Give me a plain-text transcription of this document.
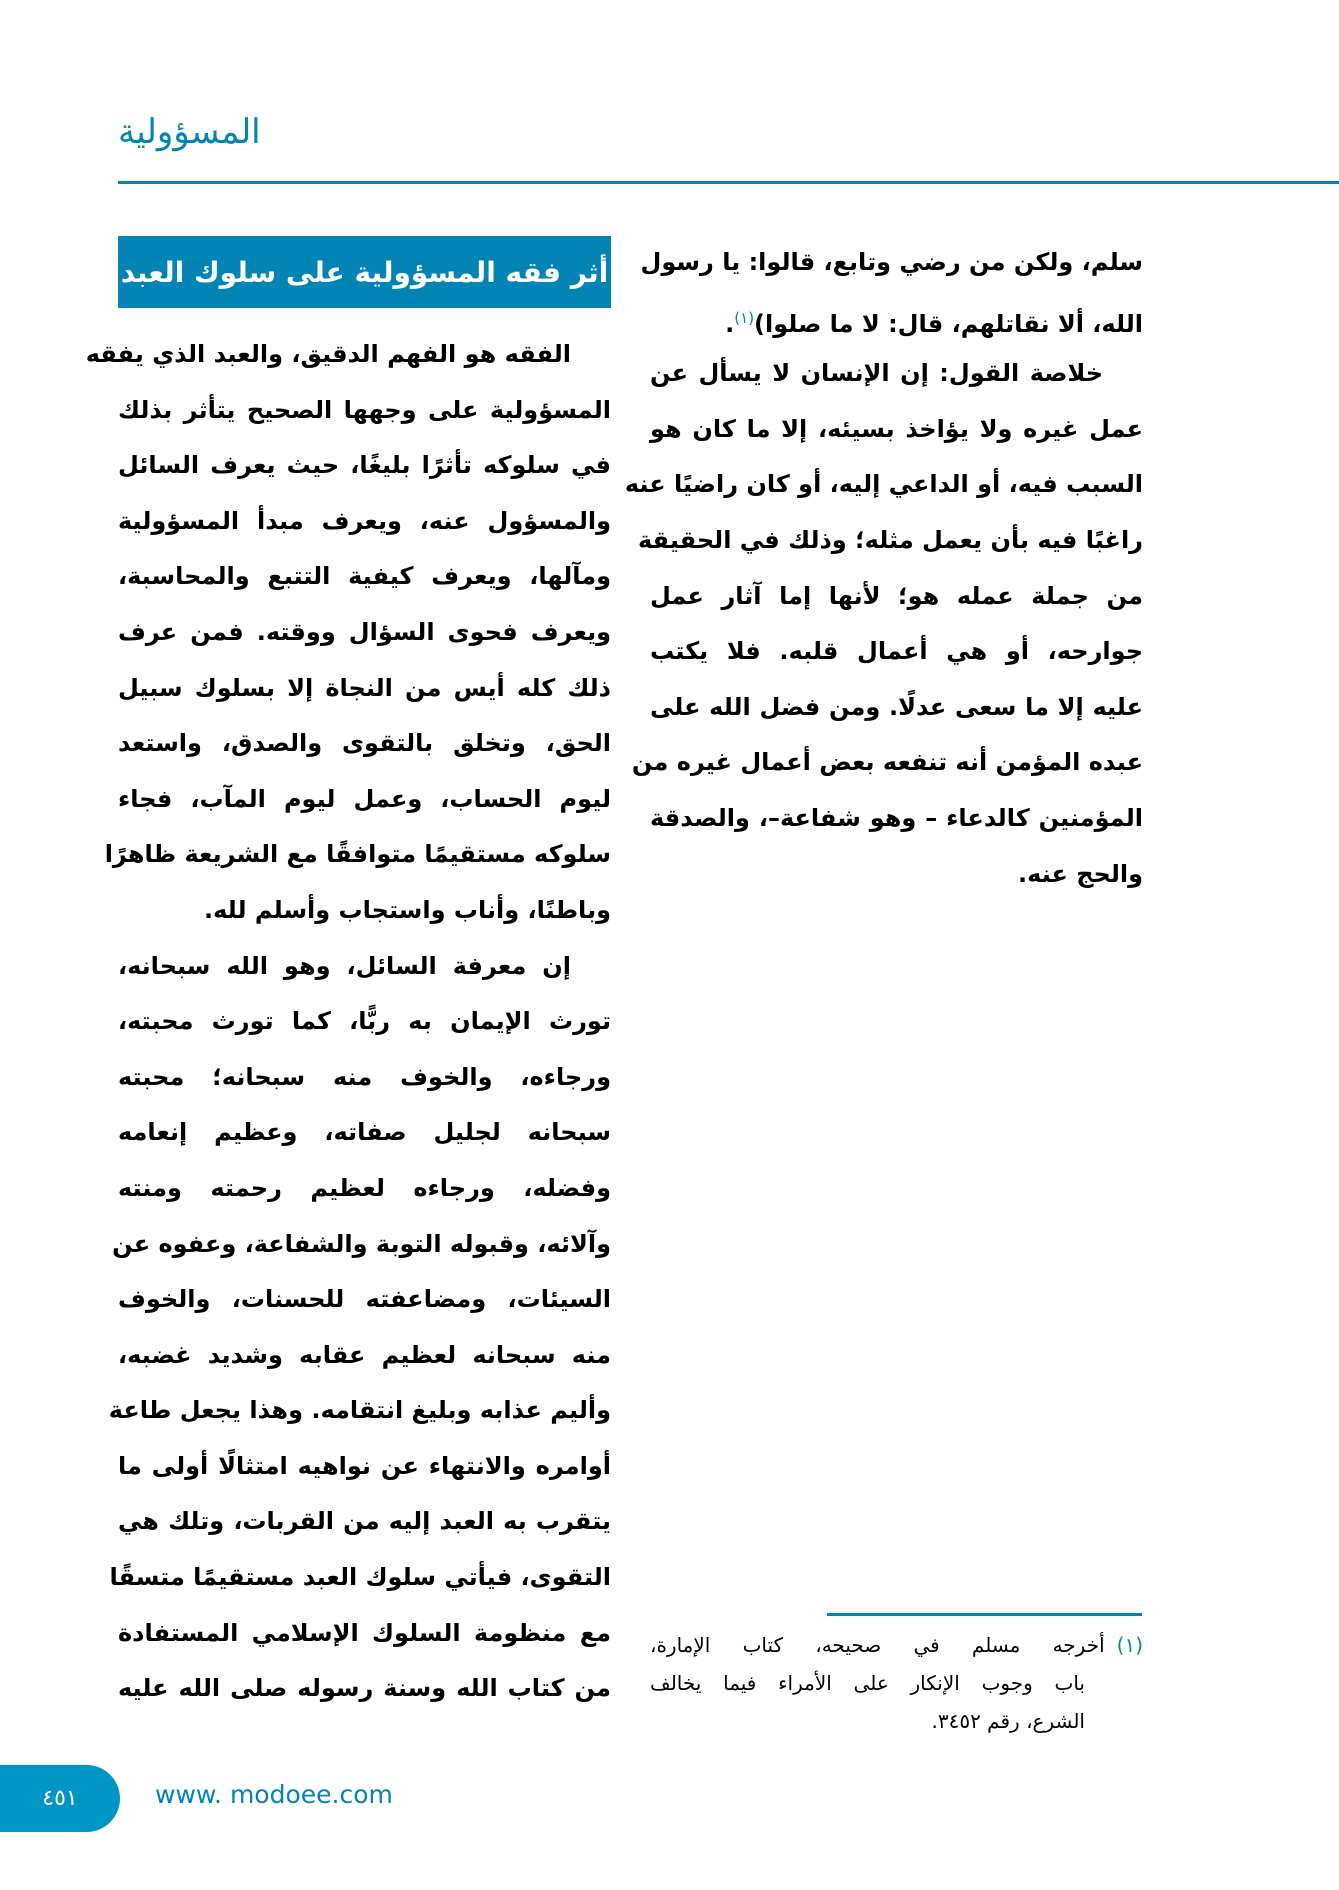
المسؤولية
أثر فقه المسؤولية على سلوك العبد سلم، ولكن من رضي وتابع، قالوا: يا رسول
الله، ألا نقاتلهم، قال: لا ما صلوا)$^{(١)}$.
خلاصة القول: إن الإنسان لا يسأل عن
عمل غيره ولا يؤاخذ بسيئه، إلا ما كان هو
السبب فيه، أو الداعي إليه، أو كان راضيًا عنه
راغبًا فيه بأن يعمل مثله؛ وذلك في الحقيقة
من جملة عمله هو؛ لأنها إما آثار عمل
جوارحه، أو هي أعمال قلبه. فلا يكتب
عليه إلا ما سعى عدلًا. ومن فضل الله على
عبده المؤمن أنه تنفعه بعض أعمال غيره من
المؤمنين كالدعاء – وهو شفاعة–، والصدقة
والحج عنه.
الفقه هو الفهم الدقيق، والعبد الذي يفقه
المسؤولية على وجهها الصحيح يتأثر بذلك
في سلوكه تأثرًا بليغًا، حيث يعرف السائل
والمسؤول عنه، ويعرف مبدأ المسؤولية
ومآلها، ويعرف كيفية التتبع والمحاسبة،
ويعرف فحوى السؤال ووقته. فمن عرف
ذلك كله أيس من النجاة إلا بسلوك سبيل
الحق، وتخلق بالتقوى والصدق، واستعد
ليوم الحساب، وعمل ليوم المآب، فجاء
سلوكه مستقيمًا متوافقًا مع الشريعة ظاهرًا
وباطنًا، وأناب واستجاب وأسلم لله.
إن معرفة السائل، وهو الله سبحانه،
تورث الإيمان به ربًّا، كما تورث محبته،
ورجاءه، والخوف منه سبحانه؛ محبته
سبحانه لجليل صفاته، وعظيم إنعامه
وفضله، ورجاءه لعظيم رحمته ومنته
وآلائه، وقبوله التوبة والشفاعة، وعفوه عن
السيئات، ومضاعفته للحسنات، والخوف
منه سبحانه لعظيم عقابه وشديد غضبه،
وأليم عذابه وبليغ انتقامه. وهذا يجعل طاعة
أوامره والانتهاء عن نواهيه امتثالًا أولى ما
يتقرب به العبد إليه من القربات، وتلك هي
التقوى، فيأتي سلوك العبد مستقيمًا متسقًا
مع منظومة السلوك الإسلامي المستفادة
من كتاب الله وسنة رسوله صلى الله عليه
(١)أخرجه مسلم في صحيحه، كتاب الإمارة،
باب وجوب الإنكار على الأمراء فيما يخالف
الشرع، رقم ٣٤٥٢.
٤٥١	www. modoee.com
